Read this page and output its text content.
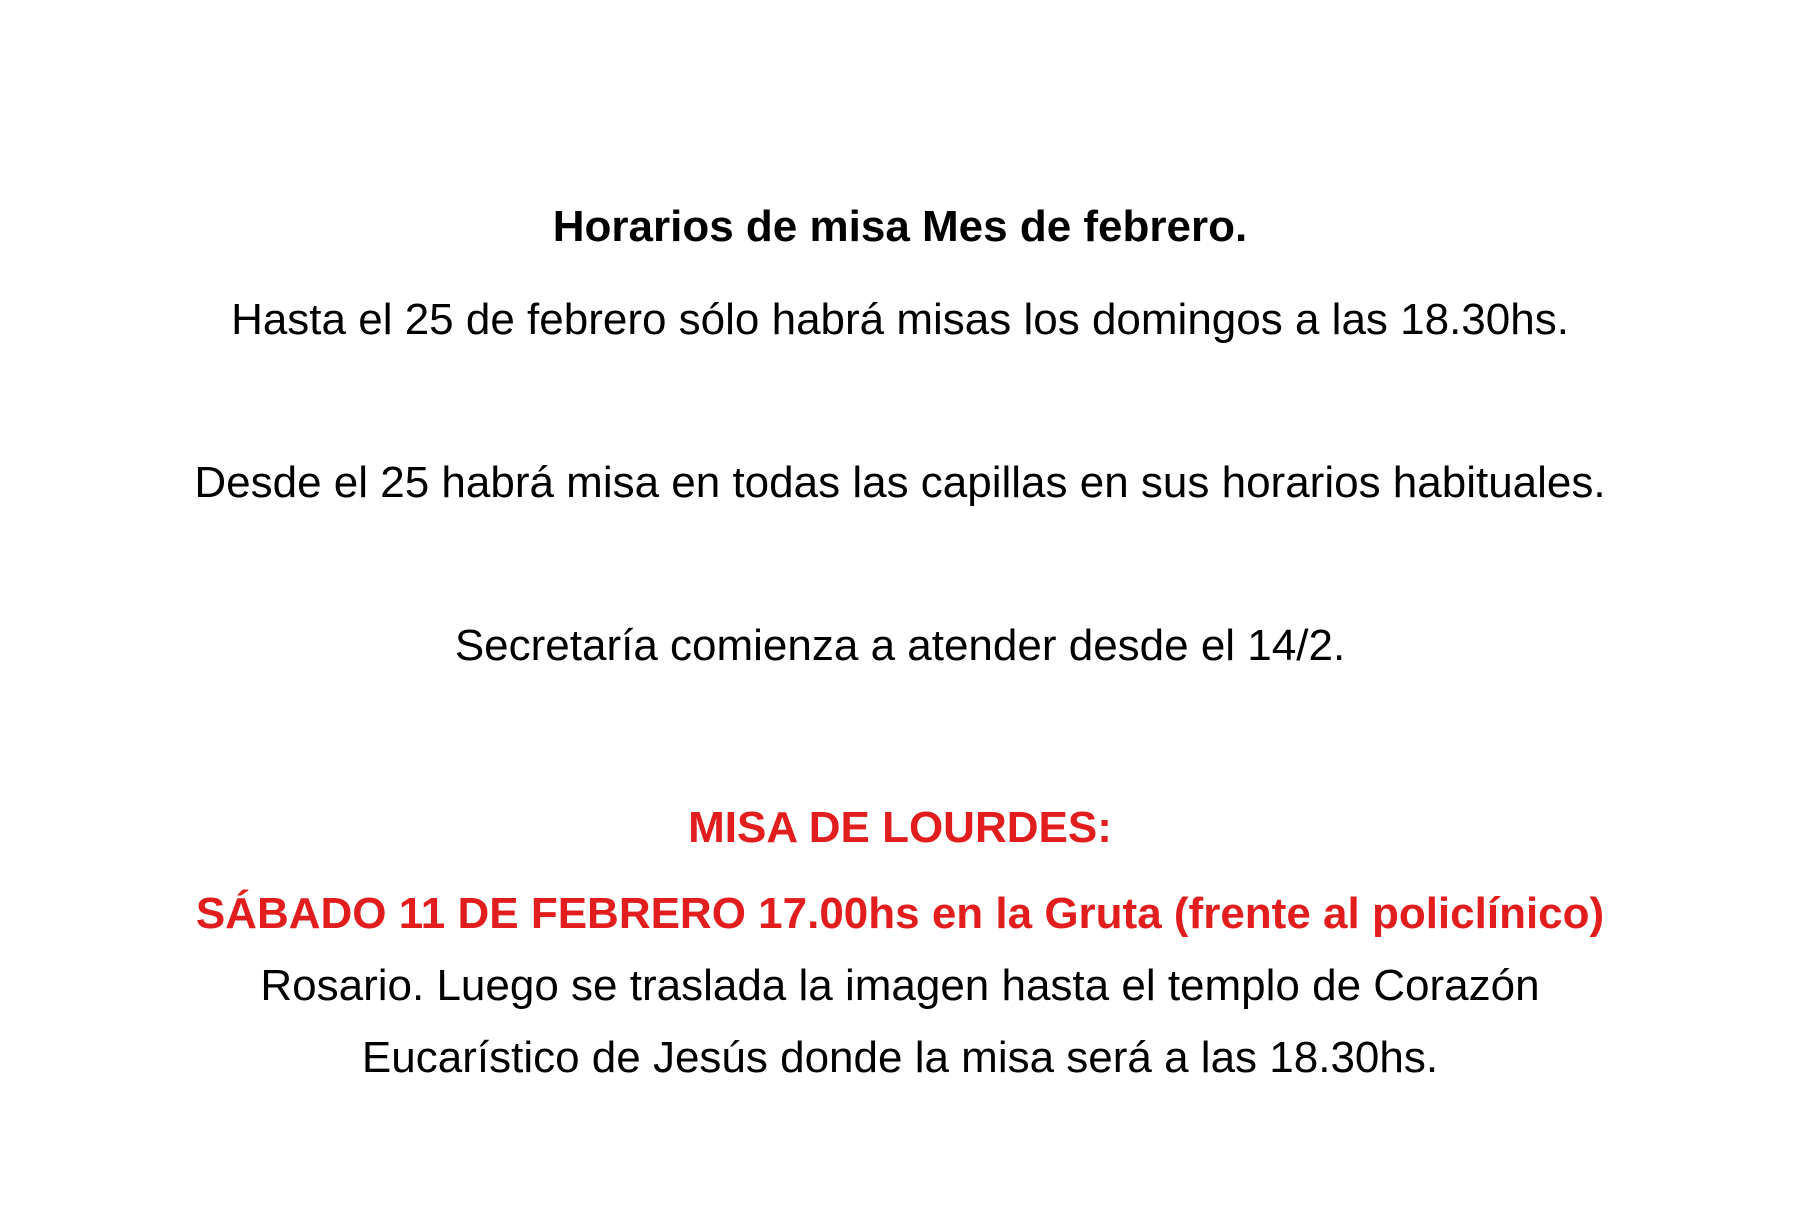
Horarios de misa Mes de febrero.

Hasta el 25 de febrero sólo habrá misas los domingos a las 18.30hs.

Desde el 25 habrá misa en todas las capillas en sus horarios habituales.

Secretaría comienza a atender desde el 14/2.

MISA DE LOURDES:

SÁBADO 11 DE FEBRERO 17.00hs en la Gruta (frente al policlínico) Rosario. Luego se traslada la imagen hasta el templo de Corazón Eucarístico de Jesús donde la misa será a las 18.30hs.
